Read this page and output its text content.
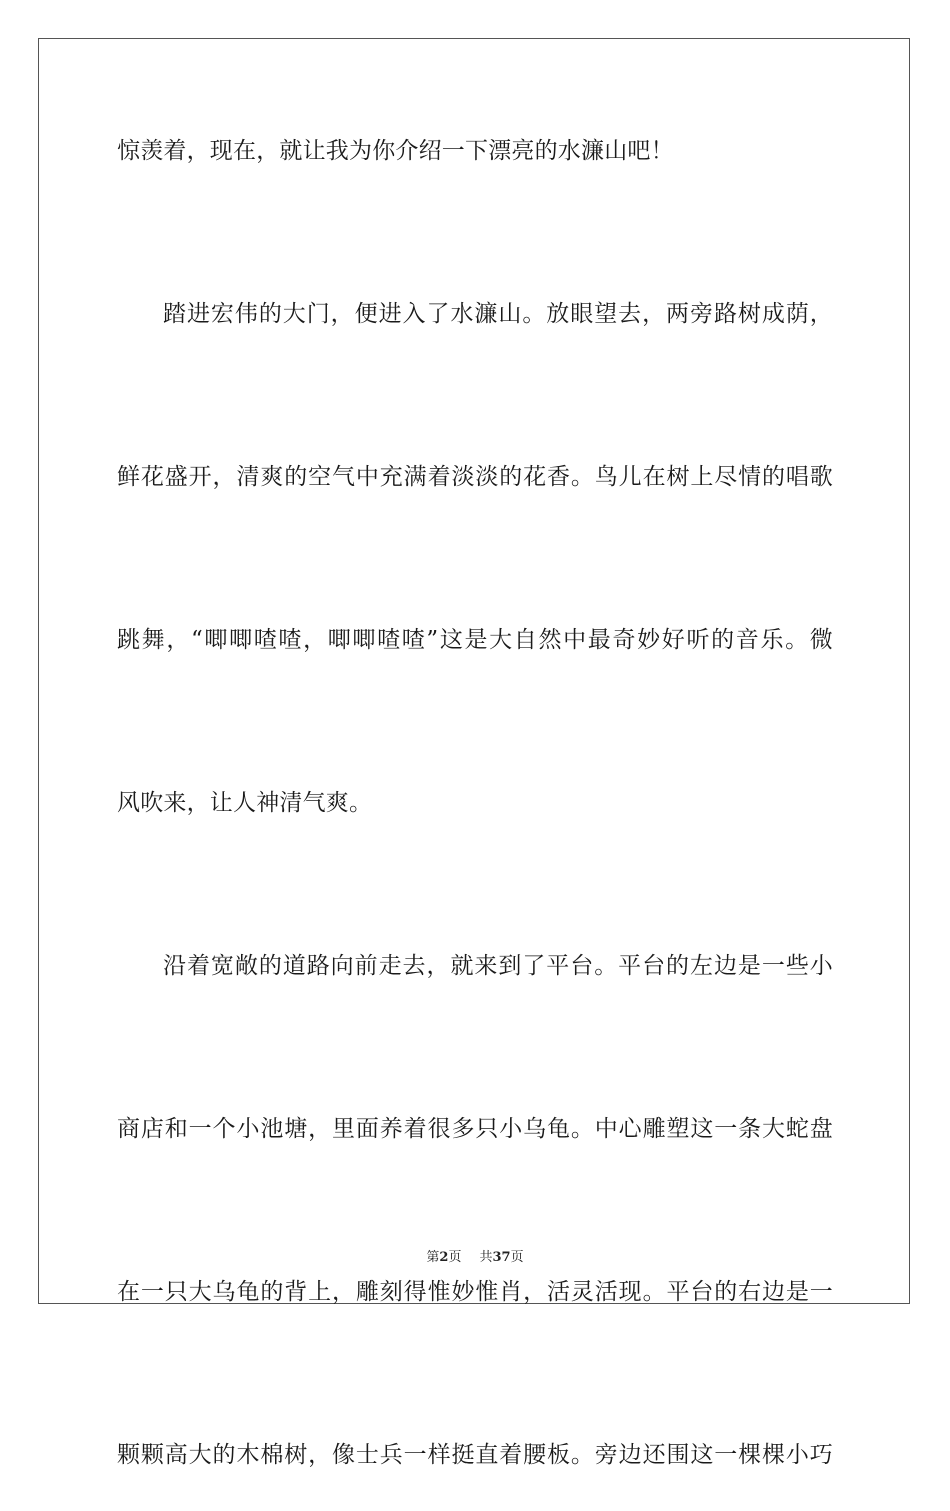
惊羡着，现在，就让我为你介绍一下漂亮的水濂山吧！
踏进宏伟的大门，便进入了水濂山。放眼望去，两旁路树成荫，
鲜花盛开，清爽的空气中充满着淡淡的花香。鸟儿在树上尽情的唱歌
跳舞，“唧唧喳喳，唧唧喳喳”这是大自然中最奇妙好听的音乐。微
风吹来，让人神清气爽。
沿着宽敞的道路向前走去，就来到了平台。平台的左边是一些小
商店和一个小池塘，里面养着很多只小乌龟。中心雕塑这一条大蛇盘
在一只大乌龟的背上，雕刻得惟妙惟肖，活灵活现。平台的右边是一
颗颗高大的木棉树，像士兵一样挺直着腰板。旁边还围这一棵棵小巧
第2页 共37页
